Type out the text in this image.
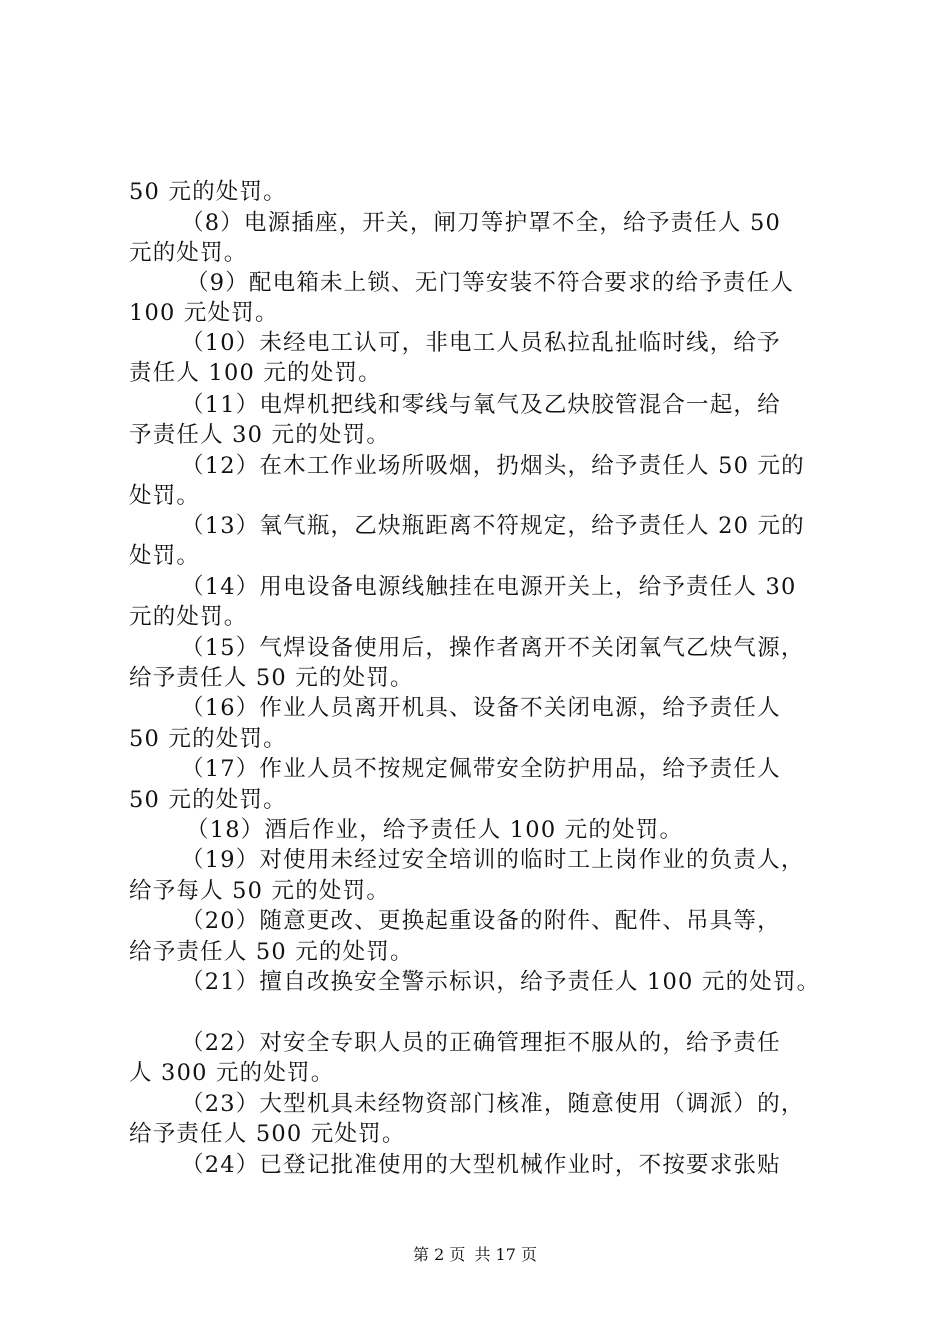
50 元的处罚。
（8）电源插座，开关，闸刀等护罩不全，给予责任人 50
元的处罚。
（9）配电箱未上锁、无门等安装不符合要求的给予责任人
100 元处罚。
（10）未经电工认可，非电工人员私拉乱扯临时线，给予
责任人 100 元的处罚。
（11）电焊机把线和零线与氧气及乙炔胶管混合一起，给
予责任人 30 元的处罚。
（12）在木工作业场所吸烟，扔烟头，给予责任人 50 元的
处罚。
（13）氧气瓶，乙炔瓶距离不符规定，给予责任人 20 元的
处罚。
（14）用电设备电源线触挂在电源开关上，给予责任人 30
元的处罚。
（15）气焊设备使用后，操作者离开不关闭氧气乙炔气源，
给予责任人 50 元的处罚。
（16）作业人员离开机具、设备不关闭电源，给予责任人
50 元的处罚。
（17）作业人员不按规定佩带安全防护用品，给予责任人
50 元的处罚。
（18）酒后作业，给予责任人 100 元的处罚。
（19）对使用未经过安全培训的临时工上岗作业的负责人，
给予每人 50 元的处罚。
（20）随意更改、更换起重设备的附件、配件、吊具等，
给予责任人 50 元的处罚。
（21）擅自改换安全警示标识，给予责任人 100 元的处罚。
（22）对安全专职人员的正确管理拒不服从的，给予责任
人 300 元的处罚。
（23）大型机具未经物资部门核准，随意使用（调派）的，
给予责任人 500 元处罚。
（24）已登记批准使用的大型机械作业时，不按要求张贴
第 2 页 共 17 页
